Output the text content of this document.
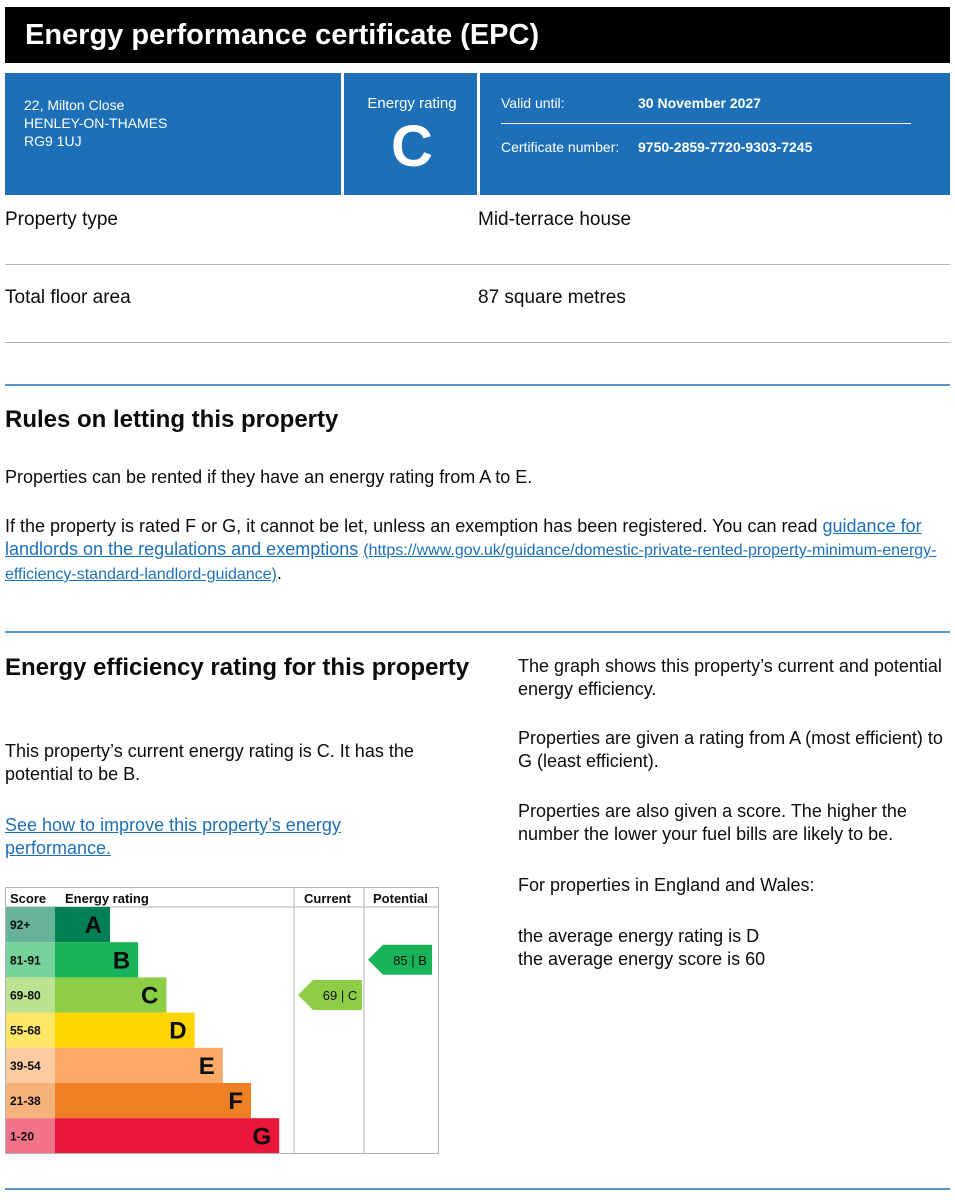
Energy performance certificate (EPC)
22, Milton Close
HENLEY-ON-THAMES
RG9 1UJ
Energy rating
C
Valid until:	30 November 2027
Certificate number: 9750-2859-7720-9303-7245
Property type	Mid-terrace house
Total floor area	87 square metres
Rules on letting this property

Properties can be rented if they have an energy rating from A to E.

If the property is rated F or G, it cannot be let, unless an exemption has been registered. You can read guidance for landlords on the regulations and exemptions (https://www.gov.uk/guidance/domestic-private-rented-property-minimum-energy-efficiency-standard-landlord-guidance).

Energy efficiency rating for this property

This property’s current energy rating is C. It has the potential to be B.

See how to improve this property’s energy performance.

The graph shows this property’s current and potential energy efficiency.

Properties are given a rating from A (most efficient) to G (least efficient).

Properties are also given a score. The higher the number the lower your fuel bills are likely to be.

For properties in England and Wales:

the average energy rating is D

the average energy score is 60

Score Energy rating	Current Potential
92+ A
81-91	B
69-80	C
55-68	D
39-54	E
21-38	F
1-20	G
69 | C
85 | B
